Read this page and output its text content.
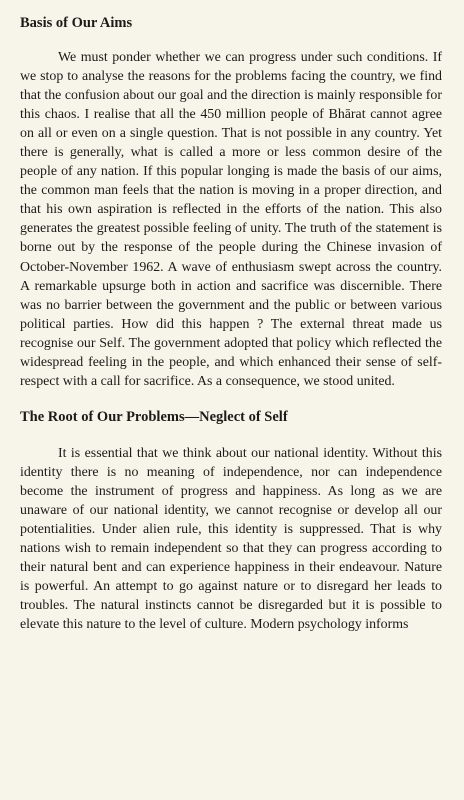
Basis of Our Aims

We must ponder whether we can progress under such conditions. If we stop to analyse the reasons for the problems facing the country, we find that the confusion about our goal and the direction is mainly responsible for this chaos. I realise that all the 450 million people of Bhārat cannot agree on all or even on a single question. That is not possible in any country. Yet there is generally, what is called a more or less common desire of the people of any nation. If this popular longing is made the basis of our aims, the common man feels that the nation is moving in a proper direction, and that his own aspiration is reflected in the efforts of the nation. This also generates the greatest possible feeling of unity. The truth of the statement is borne out by the response of the people during the Chinese invasion of October-November 1962. A wave of enthusiasm swept across the country. A remarkable upsurge both in action and sacrifice was discernible. There was no barrier between the government and the public or between various political parties. How did this happen ? The external threat made us recognise our Self. The government adopted that policy which reflected the widespread feeling in the people, and which enhanced their sense of self-respect with a call for sacrifice. As a consequence, we stood united.

The Root of Our Problems—Neglect of Self

It is essential that we think about our national identity. Without this identity there is no meaning of independence, nor can independence become the instrument of progress and happiness. As long as we are unaware of our national identity, we cannot recognise or develop all our potentialities. Under alien rule, this identity is suppressed. That is why nations wish to remain independent so that they can progress according to their natural bent and can experience happiness in their endeavour. Nature is powerful. An attempt to go against nature or to disregard her leads to troubles. The natural instincts cannot be disregarded but it is possible to elevate this nature to the level of culture. Modern psychology informs
